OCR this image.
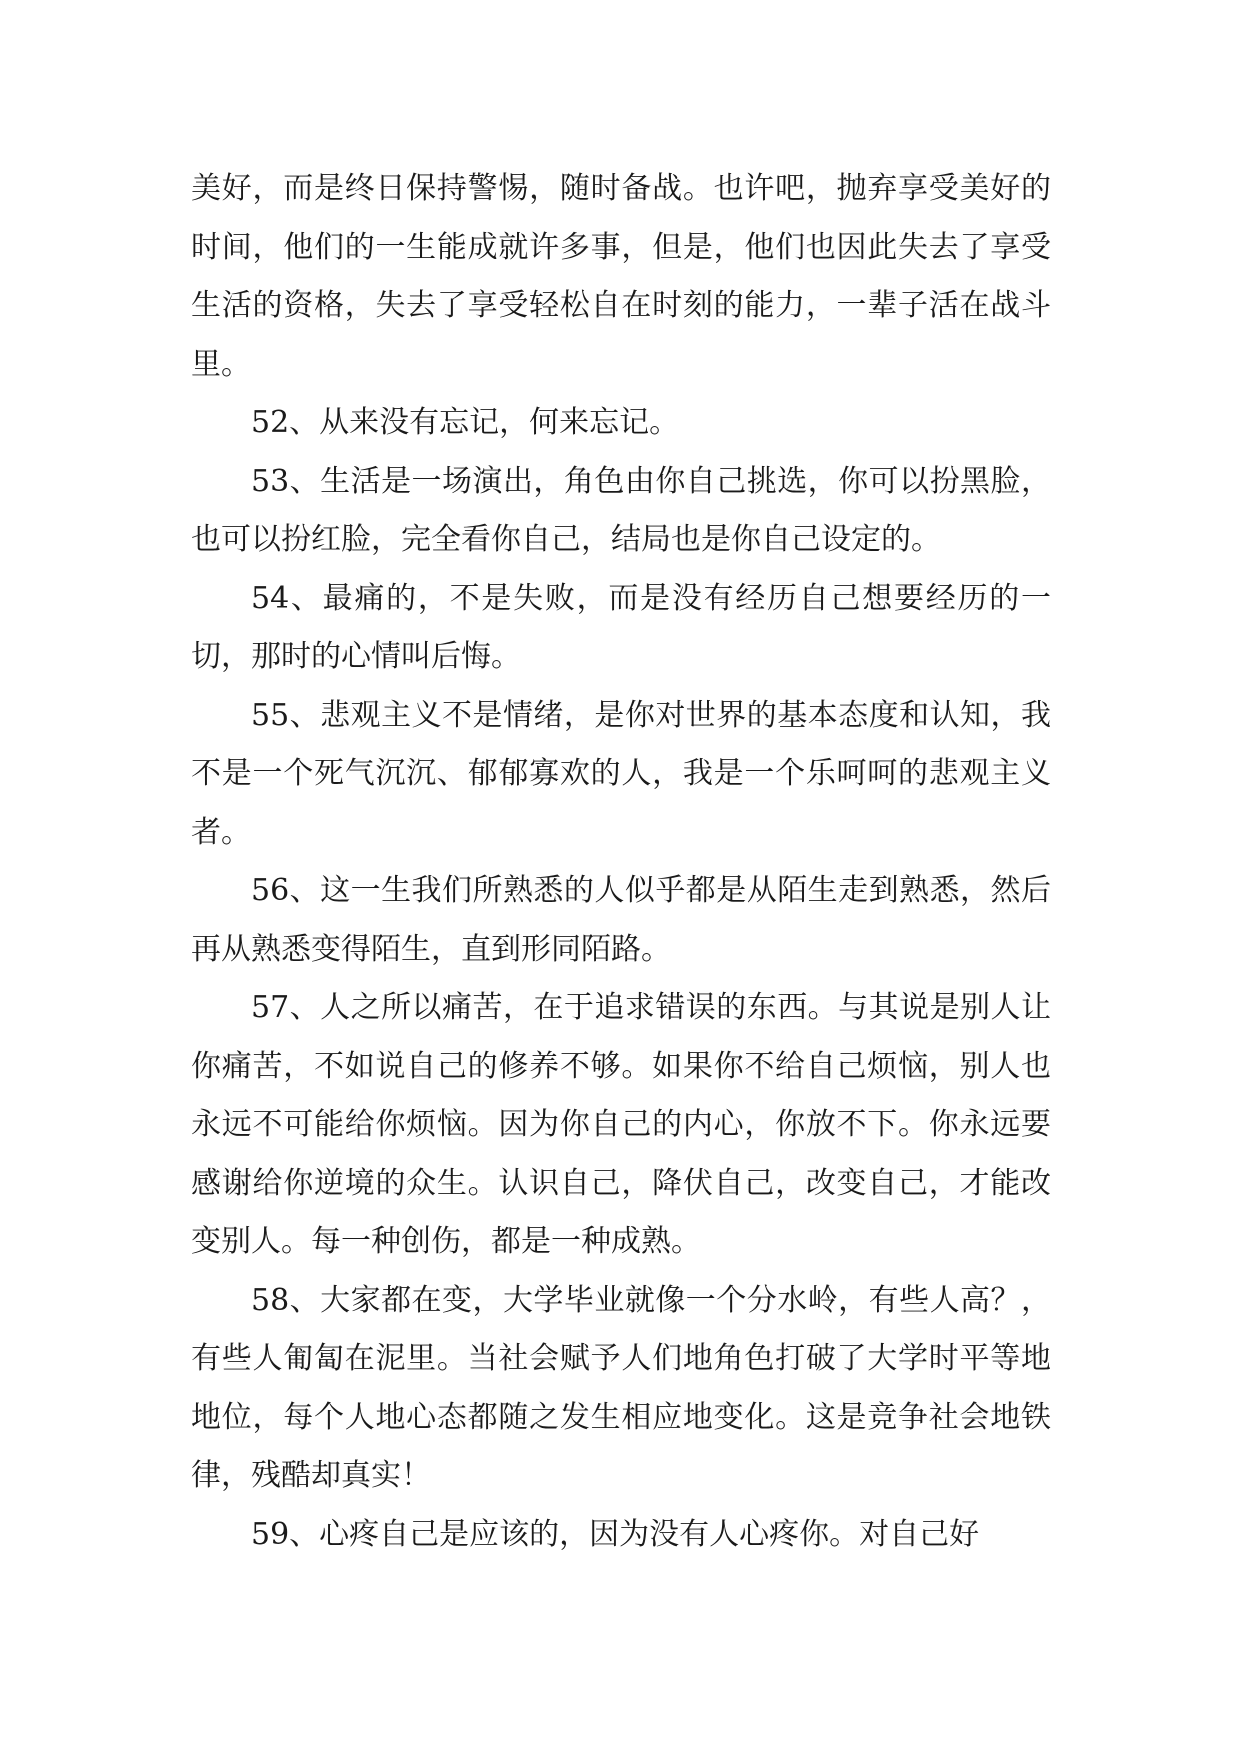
美好，而是终日保持警惕，随时备战。也许吧，抛弃享受美好的时间，他们的一生能成就许多事，但是，他们也因此失去了享受生活的资格，失去了享受轻松自在时刻的能力，一辈子活在战斗里。

52、从来没有忘记，何来忘记。

53、生活是一场演出，角色由你自己挑选，你可以扮黑脸，也可以扮红脸，完全看你自己，结局也是你自己设定的。

54、最痛的，不是失败，而是没有经历自己想要经历的一切，那时的心情叫后悔。

55、悲观主义不是情绪，是你对世界的基本态度和认知，我不是一个死气沉沉、郁郁寡欢的人，我是一个乐呵呵的悲观主义者。

56、这一生我们所熟悉的人似乎都是从陌生走到熟悉，然后再从熟悉变得陌生，直到形同陌路。

57、人之所以痛苦，在于追求错误的东西。与其说是别人让你痛苦，不如说自己的修养不够。如果你不给自己烦恼，别人也永远不可能给你烦恼。因为你自己的内心，你放不下。你永远要感谢给你逆境的众生。认识自己，降伏自己，改变自己，才能改变别人。每一种创伤，都是一种成熟。

58、大家都在变，大学毕业就像一个分水岭，有些人高？，有些人匍匐在泥里。当社会赋予人们地角色打破了大学时平等地地位，每个人地心态都随之发生相应地变化。这是竞争社会地铁律，残酷却真实！

59、心疼自己是应该的，因为没有人心疼你。对自己好
